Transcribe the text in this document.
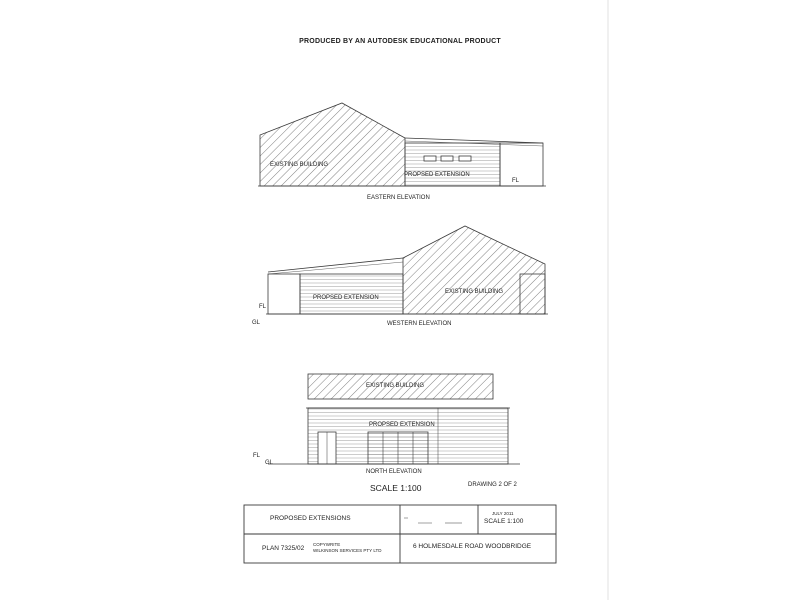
PRODUCED BY AN AUTODESK EDUCATIONAL PRODUCT
EXISTING BUILDING
PROPSED EXTENSION
FL
EASTERN ELEVATION
PROPSED EXTENSION
EXISTING BUILDING
FL
GL	WESTERN ELEVATION
EXISTING BUILDING
PROPSED EXTENSION
FL
GL
NORTH ELEVATION
SCALE 1:100	DRAWING 2 OF 2
PROPOSED EXTENSIONS
JULY 2011
SCALE 1:100
PLAN 7325/02
COPYWRITE
WILKINSON SERVICES PTY LTD
6 HOLMESDALE ROAD WOODBRIDGE
